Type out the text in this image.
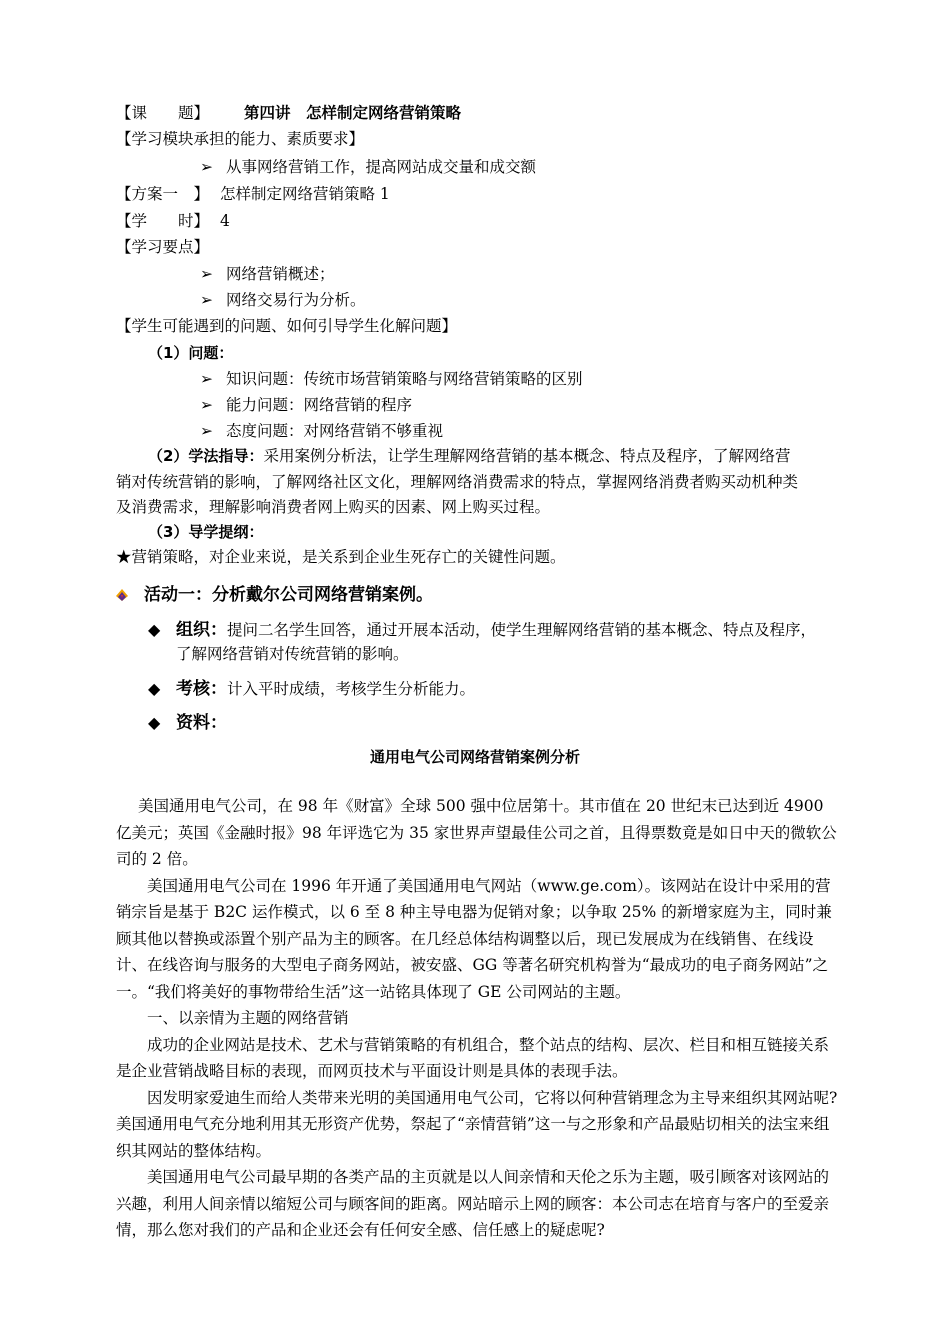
【课　　题】 第四讲　怎样制定网络营销策略
【学习模块承担的能力、素质要求】
➢ 从事网络营销工作，提高网站成交量和成交额
【方案一　】 怎样制定网络营销策略 1
【学　　时】 4
【学习要点】
➢ 网络营销概述；
➢ 网络交易行为分析。
【学生可能遇到的问题、如何引导学生化解问题】
（1）问题：
➢ 知识问题：传统市场营销策略与网络营销策略的区别
➢ 能力问题：网络营销的程序
➢ 态度问题：对网络营销不够重视
（2）学法指导：采用案例分析法，让学生理解网络营销的基本概念、特点及程序，了解网络营
销对传统营销的影响，了解网络社区文化，理解网络消费需求的特点，掌握网络消费者购买动机种类
及消费需求，理解影响消费者网上购买的因素、网上购买过程。
（3）导学提纲：
★营销策略，对企业来说，是关系到企业生死存亡的关键性问题。
活动一：分析戴尔公司网络营销案例。
◆ 组织：提问二名学生回答，通过开展本活动，使学生理解网络营销的基本概念、特点及程序，
了解网络营销对传统营销的影响。
◆ 考核：计入平时成绩，考核学生分析能力。
◆ 资料：
通用电气公司网络营销案例分析

美国通用电气公司，在 98 年《财富》全球 500 强中位居第十。其市值在 20 世纪末已达到近 4900 亿美元；英国《金融时报》98 年评选它为 35 家世界声望最佳公司之首，且得票数竟是如日中天的微软公司的 2 倍。

美国通用电气公司在 1996 年开通了美国通用电气网站（www.ge.com）。该网站在设计中采用的营销宗旨是基于 B2C 运作模式，以 6 至 8 种主导电器为促销对象；以争取 25% 的新增家庭为主，同时兼顾其他以替换或添置个别产品为主的顾客。在几经总体结构调整以后，现已发展成为在线销售、在线设计、在线咨询与服务的大型电子商务网站，被安盛、GG 等著名研究机构誉为“最成功的电子商务网站”之一。“我们将美好的事物带给生活”这一站铭具体现了 GE 公司网站的主题。

一、以亲情为主题的网络营销

成功的企业网站是技术、艺术与营销策略的有机组合，整个站点的结构、层次、栏目和相互链接关系是企业营销战略目标的表现，而网页技术与平面设计则是具体的表现手法。

因发明家爱迪生而给人类带来光明的美国通用电气公司，它将以何种营销理念为主导来组织其网站呢?美国通用电气充分地利用其无形资产优势，祭起了“亲情营销”这一与之形象和产品最贴切相关的法宝来组织其网站的整体结构。

美国通用电气公司最早期的各类产品的主页就是以人间亲情和天伦之乐为主题，吸引顾客对该网站的兴趣，利用人间亲情以缩短公司与顾客间的距离。网站暗示上网的顾客：本公司志在培育与客户的至爱亲情，那么您对我们的产品和企业还会有任何安全感、信任感上的疑虑呢?
